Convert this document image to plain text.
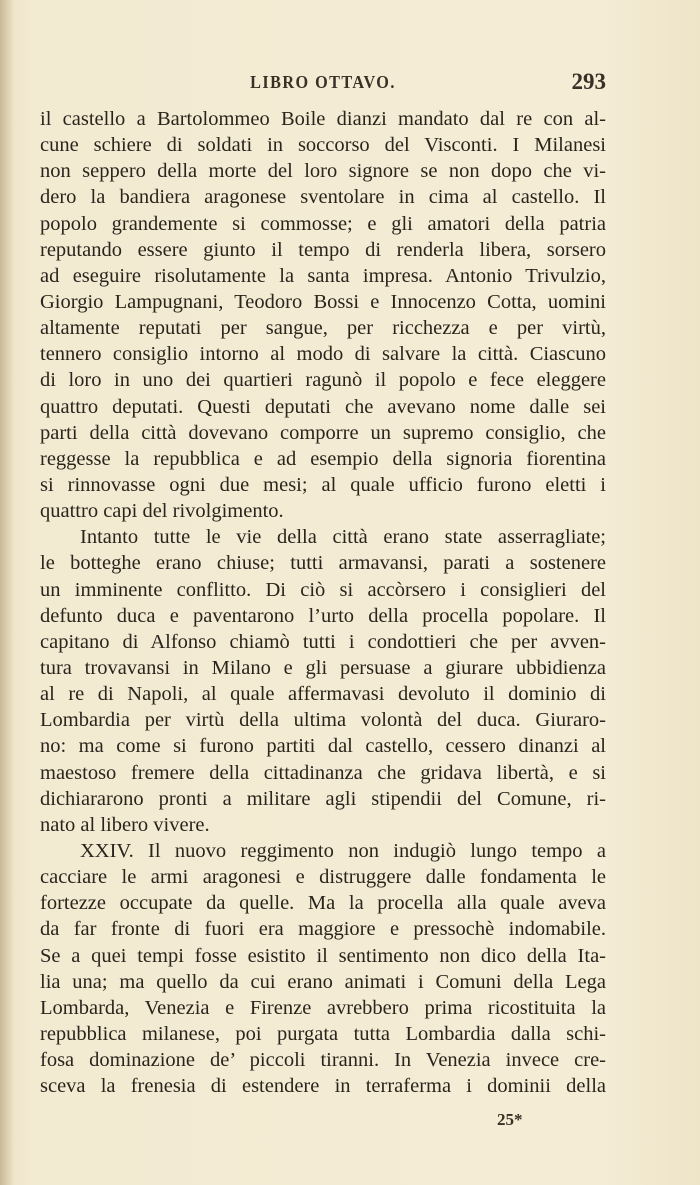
LIBRO OTTAVO.	293
il castello a Bartolommeo Boile dianzi mandato dal re con al-
cune schiere di soldati in soccorso del Visconti. I Milanesi
non seppero della morte del loro signore se non dopo che vi-
dero la bandiera aragonese sventolare in cima al castello. Il
popolo grandemente si commosse; e gli amatori della patria
reputando essere giunto il tempo di renderla libera, sorsero
ad eseguire risolutamente la santa impresa. Antonio Trivulzio,
Giorgio Lampugnani, Teodoro Bossi e Innocenzo Cotta, uomini
altamente reputati per sangue, per ricchezza e per virtù,
tennero consiglio intorno al modo di salvare la città. Ciascuno
di loro in uno dei quartieri ragunò il popolo e fece eleggere
quattro deputati. Questi deputati che avevano nome dalle sei
parti della città dovevano comporre un supremo consiglio, che
reggesse la repubblica e ad esempio della signoria fiorentina
si rinnovasse ogni due mesi; al quale ufficio furono eletti i
quattro capi del rivolgimento.
Intanto tutte le vie della città erano state asserragliate;
le botteghe erano chiuse; tutti armavansi, parati a sostenere
un imminente conflitto. Di ciò si accòrsero i consiglieri del
defunto duca e paventarono l’urto della procella popolare. Il
capitano di Alfonso chiamò tutti i condottieri che per avven-
tura trovavansi in Milano e gli persuase a giurare ubbidienza
al re di Napoli, al quale affermavasi devoluto il dominio di
Lombardia per virtù della ultima volontà del duca. Giuraro-
no: ma come si furono partiti dal castello, cessero dinanzi al
maestoso fremere della cittadinanza che gridava libertà, e si
dichiararono pronti a militare agli stipendii del Comune, ri-
nato al libero vivere.
XXIV. Il nuovo reggimento non indugiò lungo tempo a
cacciare le armi aragonesi e distruggere dalle fondamenta le
fortezze occupate da quelle. Ma la procella alla quale aveva
da far fronte di fuori era maggiore e pressochè indomabile.
Se a quei tempi fosse esistito il sentimento non dico della Ita-
lia una; ma quello da cui erano animati i Comuni della Lega
Lombarda, Venezia e Firenze avrebbero prima ricostituita la
repubblica milanese, poi purgata tutta Lombardia dalla schi-
fosa dominazione de’ piccoli tiranni. In Venezia invece cre-
sceva la frenesia di estendere in terraferma i dominii della
25*
